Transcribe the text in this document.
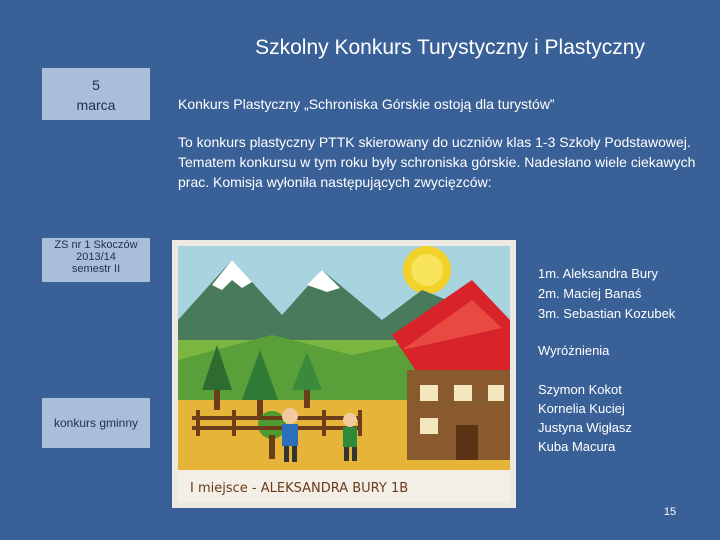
Szkolny Konkurs Turystyczny i Plastyczny
5
marca
ZS nr 1 Skoczów
2013/14
semestr II
konkurs gminny
Konkurs Plastyczny „Schroniska Górskie ostoją dla turystów”
To konkurs plastyczny PTTK skierowany do uczniów klas 1-3 Szkoły Podstawowej. Tematem konkursu w tym roku były schroniska górskie. Nadesłano wiele ciekawych prac. Komisja wyłoniła następujących zwycięzców:
I miejsce - ALEKSANDRA BURY 1B
1m. Aleksandra Bury
2m. Maciej Banaś
3m. Sebastian Kozubek
Wyróżnienia
Szymon Kokot
Kornelia Kuciej
Justyna Wigłasz
Kuba Macura
15
